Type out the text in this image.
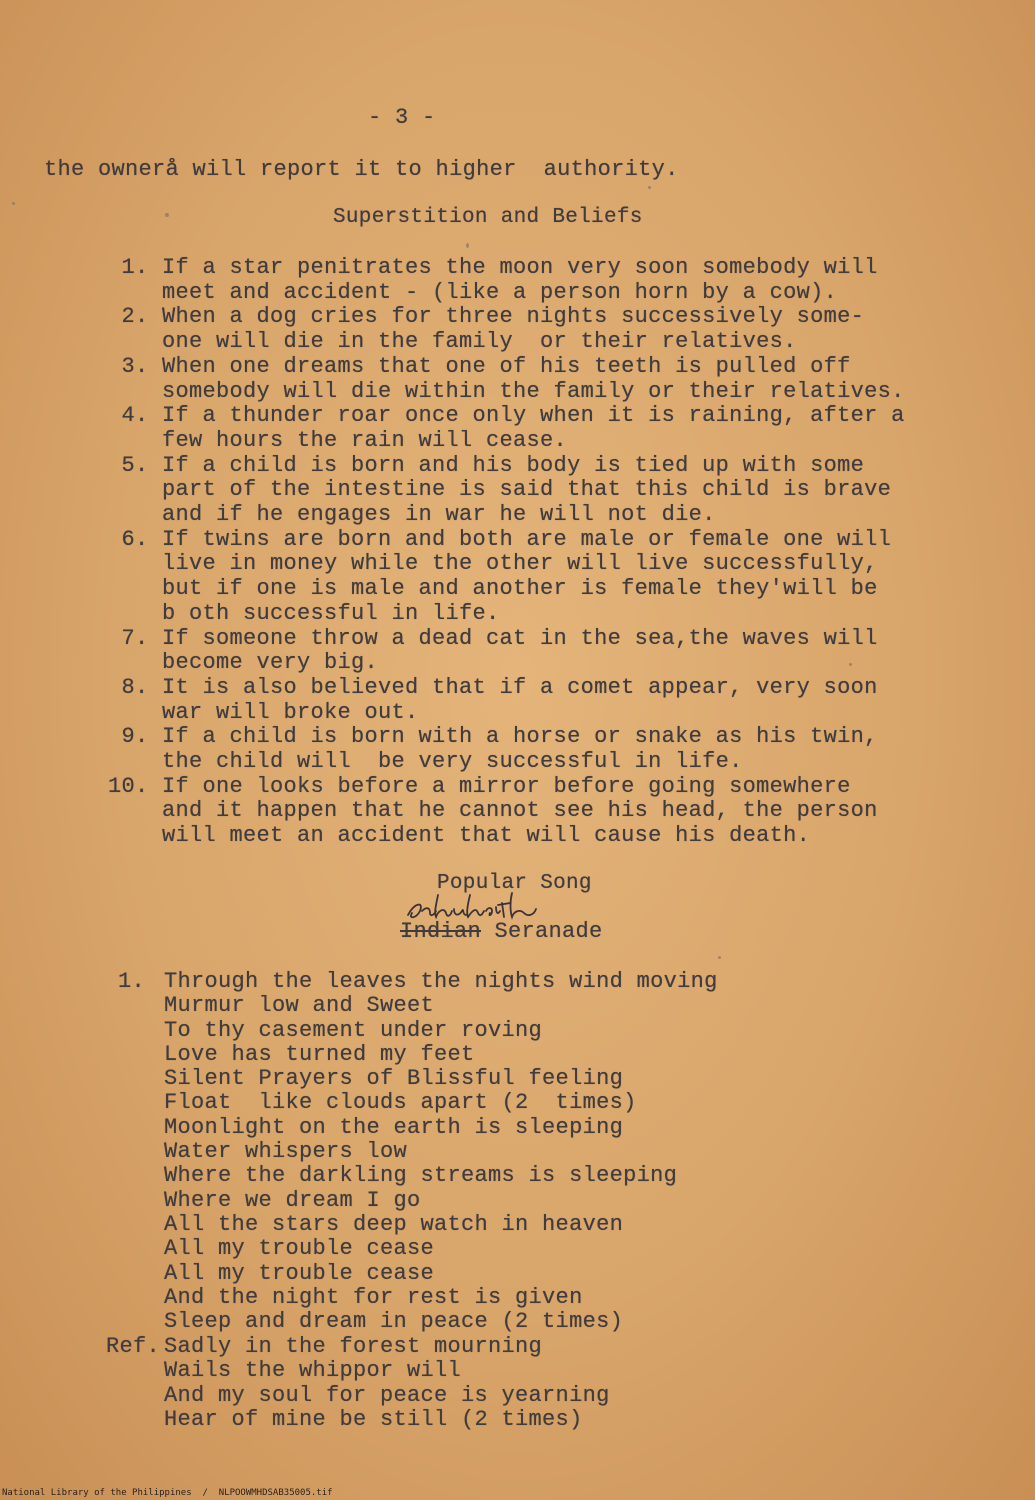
- 3 -
the ownerå will report it to higher  authority.
Superstition and Beliefs
1. If a star penitrates the moon very soon somebody will
meet and accident - (like a person horn by a cow).
2. When a dog cries for three nights successively some-
one will die in the family  or their relatives.
3. When one dreams that one of his teeth is pulled off
somebody will die within the family or their relatives.
4. If a thunder roar once only when it is raining, after a
few hours the rain will cease.
5. If a child is born and his body is tied up with some
part of the intestine is said that this child is brave
and if he engages in war he will not die.
6. If twins are born and both are male or female one will
live in money while the other will live successfully,
but if one is male and another is female they'will be
b oth successful in life.
7. If someone throw a dead cat in the sea,the waves will
become very big.
8. It is also believed that if a comet appear, very soon
war will broke out.
9. If a child is born with a horse or snake as his twin,
the child will  be very successful in life.
10. If one looks before a mirror before going somewhere
and it happen that he cannot see his head, the person
will meet an accident that will cause his death.
Popular Song
Indian Seranade
1. Through the leaves the nights wind moving
Murmur low and Sweet
To thy casement under roving
Love has turned my feet
Silent Prayers of Blissful feeling
Float  like clouds apart (2  times)
Moonlight on the earth is sleeping
Water whispers low
Where the darkling streams is sleeping
Where we dream I go
All the stars deep watch in heaven
All my trouble cease
All my trouble cease
And the night for rest is given
Sleep and dream in peace (2 times)
Ref. Sadly in the forest mourning
Wails the whippor will
And my soul for peace is yearning
Hear of mine be still (2 times)
National Library of the Philippines  /  NLPOOWMHDSAB35005.tif
